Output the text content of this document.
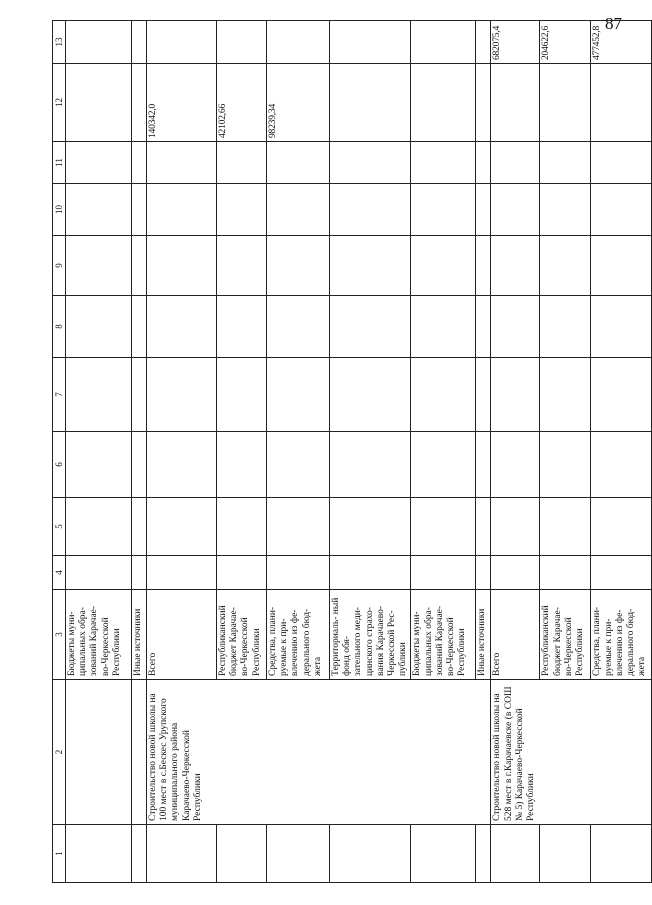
87
1	2	3	4	5	6	7	8	9	10	11	12	13
		Бюджеты муни- ципальных обра- зований Карачае- во-Черкесской Республики										
		Иные источники										
	Строительство новой школы на 100 мест в с.Бескес Урупского муниципального района Карачаево-Черкесской Республики	Всего									140342,0	
		Республиканский бюджет Карачае- во-Черкесской Республики									42102,66	
		Средства, плани- руемые к при- влечению из фе- дерального бюд- жета									98239,34	
		Территориаль- ный фонд обя- зательного меди- цинского страхо- вания Карачаево- Черкесской Рес- публики										
		Бюджеты муни- ципальных обра- зований Карачае- во-Черкесской Республики										
		Иные источники										
	Строительство новой школы на 528 мест в г.Карачаевске (в СОШ № 5) Карачаево-Черкесской Республики	Всего										682075,4
		Республиканский бюджет Карачае- во-Черкесской Республики										204622,6
		Средства, плани- руемые к при- влечению из фе- дерального бюд- жета										477452,8
